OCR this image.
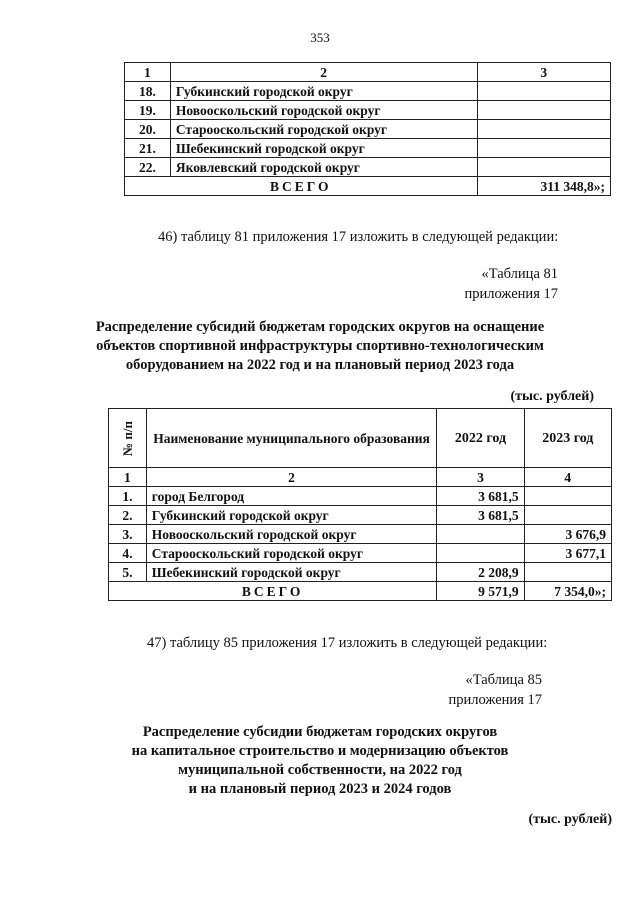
353
1	2	3
18.	Губкинский городской округ	
19.	Новооскольский городской округ	
20.	Старооскольский городской округ	
21.	Шебекинский городской округ	
22.	Яковлевский городской округ	
ВСЕГО		311 348,8»;
46) таблицу 81 приложения 17 изложить в следующей редакции:
«Таблица 81
приложения 17
Распределение субсидий бюджетам городских округов на оснащение
объектов спортивной инфраструктуры спортивно-технологическим
оборудованием на 2022 год и на плановый период 2023 года
(тыс. рублей)
№ п/п	Наименование муниципального образования	2022 год	2023 год
1	2	3	4
1.	город Белгород	3 681,5	
2.	Губкинский городской округ	3 681,5	
3.	Новооскольский городской округ		3 676,9
4.	Старооскольский городской округ		3 677,1
5.	Шебекинский городской округ	2 208,9	
ВСЕГО		9 571,9	7 354,0»;
47) таблицу 85 приложения 17 изложить в следующей редакции:
«Таблица 85
приложения 17
Распределение субсидии бюджетам городских округов
на капитальное строительство и модернизацию объектов
муниципальной собственности, на 2022 год
и на плановый период 2023 и 2024 годов
(тыс. рублей)
